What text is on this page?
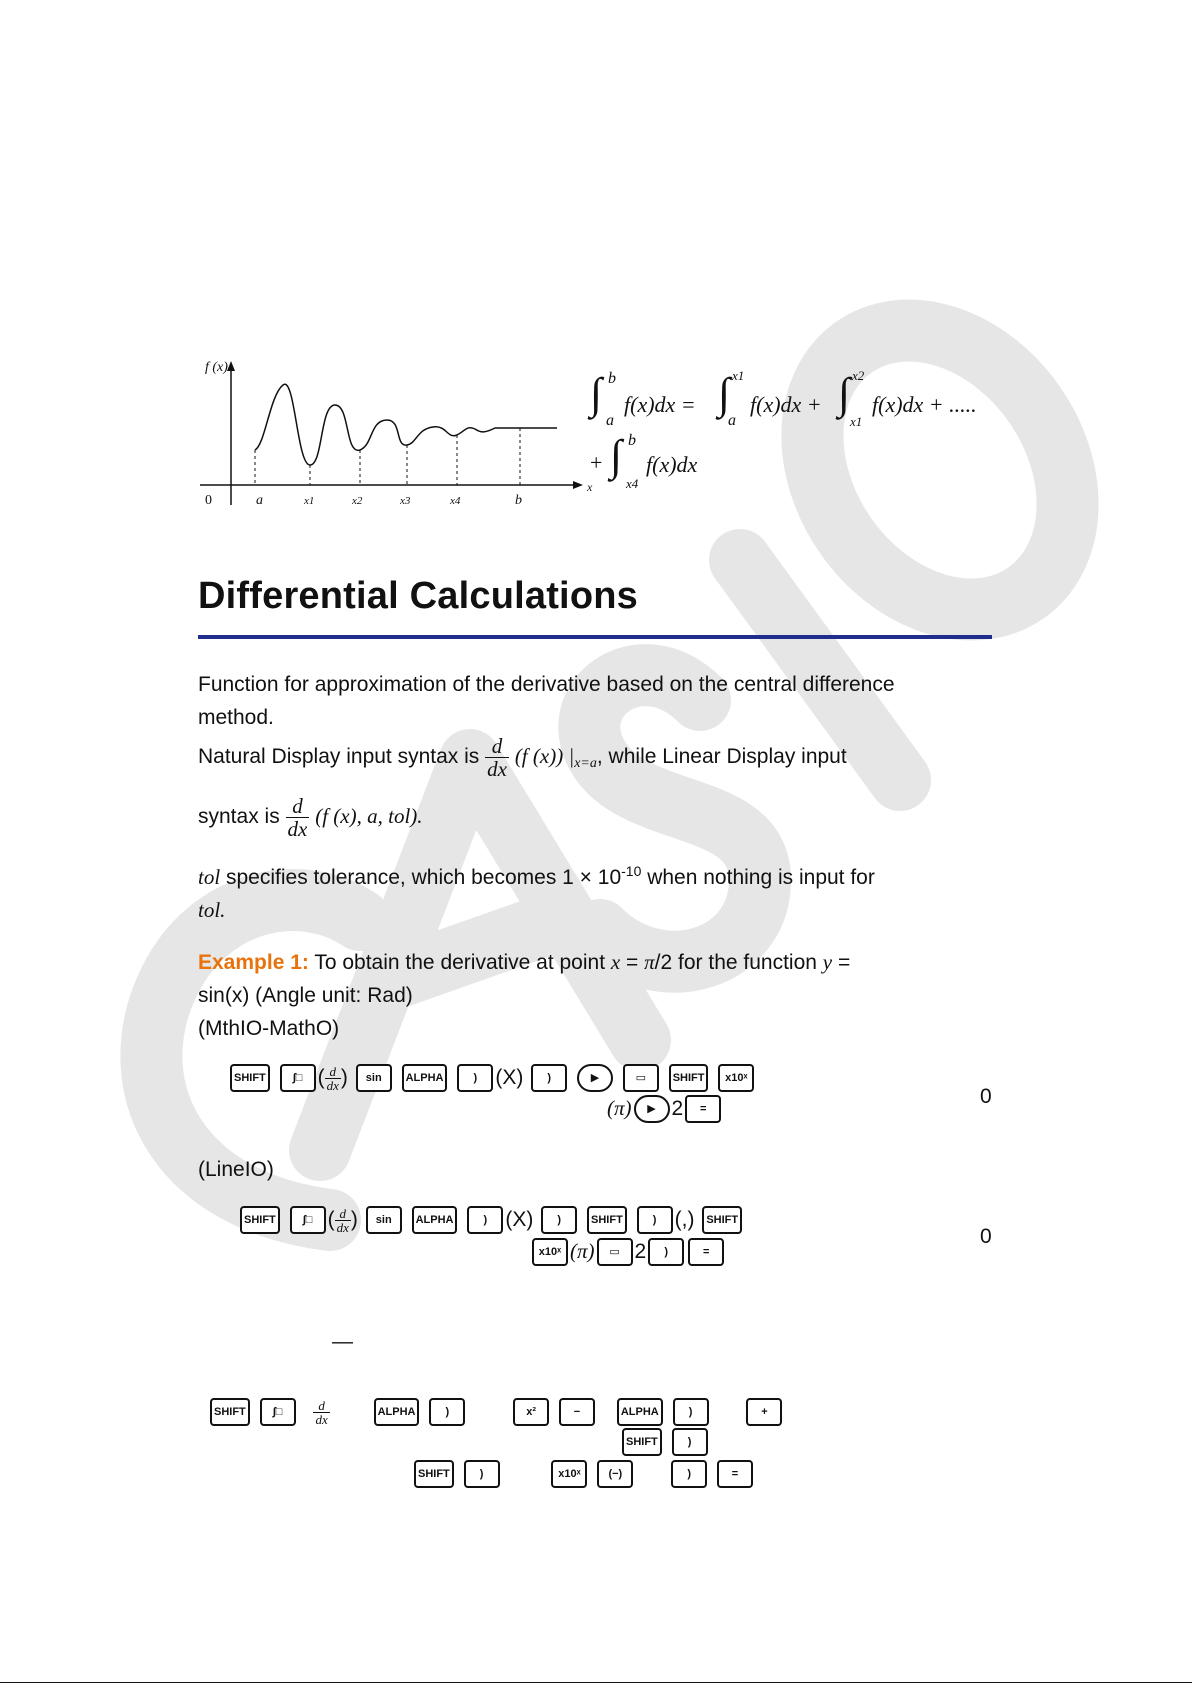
f (x)
0
x
a	x1	x2	x3	x4	b
∫ b
a
f(x)dx = ∫ x1
a
f(x)dx + ∫ x2
x1
f(x)dx + .....
+ ∫ b
x4
f(x)dx
Differential Calculations
Function for approximation of the derivative based on the central difference method.
Natural Display input syntax is $\frac{d}{dx} (f$ (x)) |x=a, while Linear Display input
syntax is $\frac{d}{dx} (f$ (x), a, tol).
tol specifies tolerance, which becomes $1 \times 10^{-10}$ when nothing is input for
tol.
Example 1: To obtain the derivative at point x = π/2 for the function y =
sin(x) (Angle unit: Rad)
(MthIO-MathO)
SHIFT ∫□ ( $\frac{d}{dx}$ ) sin ALPHA	) (X) )	▶	▭ SHIFT x10ˣ
(π) ▶ 2 =
0
(LineIO)
SHIFT ∫□ ( $\frac{d}{dx}$ ) sin ALPHA	) (X) )	SHIFT	) (,) SHIFT
x10ˣ (π) ▭ 2 )	=
0
—
SHIFT ∫□ $\frac{d}{dx}$	ALPHA	)	x²	−	ALPHA	)	+
SHIFT	)
SHIFT	)	x10ˣ	(−)	)	=
